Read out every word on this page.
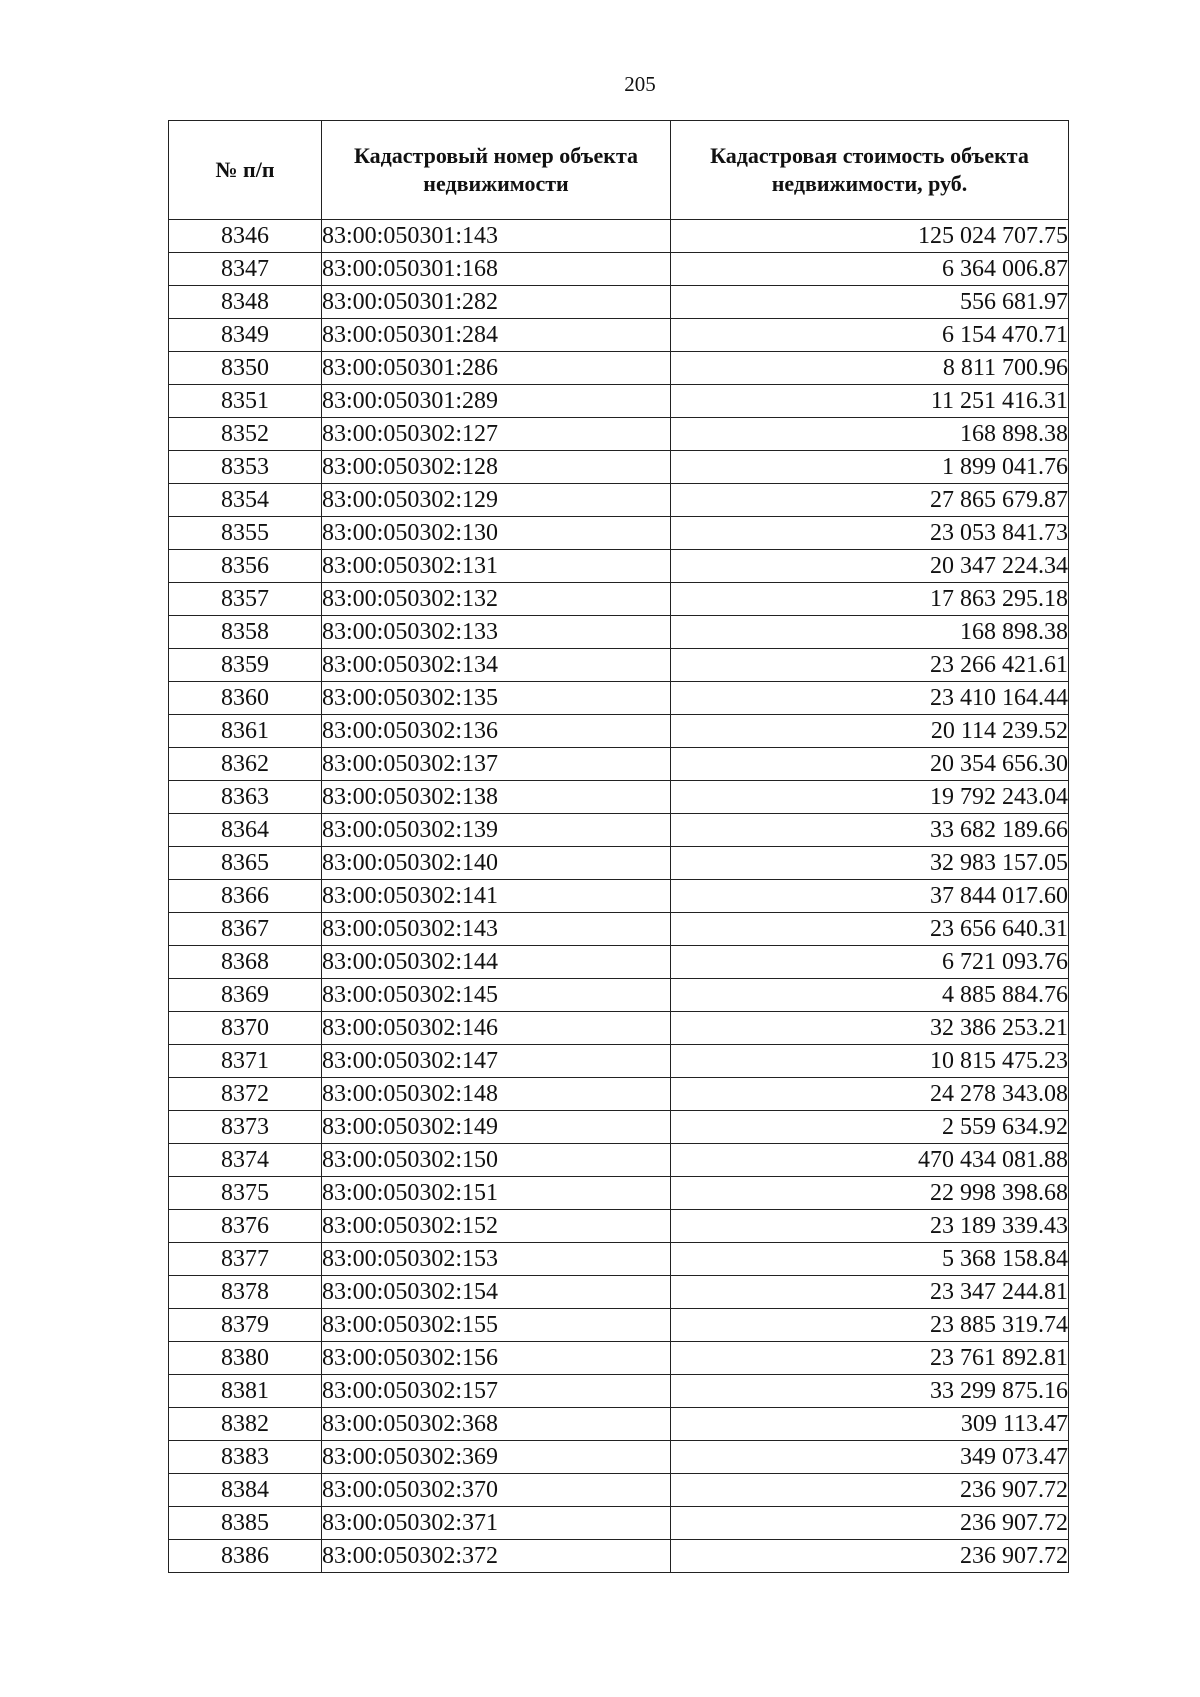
205
№ п/п	Кадастровый номер объекта недвижимости	Кадастровая стоимость объекта недвижимости, руб.
8346	83:00:050301:143	125 024 707.75
8347	83:00:050301:168	6 364 006.87
8348	83:00:050301:282	556 681.97
8349	83:00:050301:284	6 154 470.71
8350	83:00:050301:286	8 811 700.96
8351	83:00:050301:289	11 251 416.31
8352	83:00:050302:127	168 898.38
8353	83:00:050302:128	1 899 041.76
8354	83:00:050302:129	27 865 679.87
8355	83:00:050302:130	23 053 841.73
8356	83:00:050302:131	20 347 224.34
8357	83:00:050302:132	17 863 295.18
8358	83:00:050302:133	168 898.38
8359	83:00:050302:134	23 266 421.61
8360	83:00:050302:135	23 410 164.44
8361	83:00:050302:136	20 114 239.52
8362	83:00:050302:137	20 354 656.30
8363	83:00:050302:138	19 792 243.04
8364	83:00:050302:139	33 682 189.66
8365	83:00:050302:140	32 983 157.05
8366	83:00:050302:141	37 844 017.60
8367	83:00:050302:143	23 656 640.31
8368	83:00:050302:144	6 721 093.76
8369	83:00:050302:145	4 885 884.76
8370	83:00:050302:146	32 386 253.21
8371	83:00:050302:147	10 815 475.23
8372	83:00:050302:148	24 278 343.08
8373	83:00:050302:149	2 559 634.92
8374	83:00:050302:150	470 434 081.88
8375	83:00:050302:151	22 998 398.68
8376	83:00:050302:152	23 189 339.43
8377	83:00:050302:153	5 368 158.84
8378	83:00:050302:154	23 347 244.81
8379	83:00:050302:155	23 885 319.74
8380	83:00:050302:156	23 761 892.81
8381	83:00:050302:157	33 299 875.16
8382	83:00:050302:368	309 113.47
8383	83:00:050302:369	349 073.47
8384	83:00:050302:370	236 907.72
8385	83:00:050302:371	236 907.72
8386	83:00:050302:372	236 907.72
